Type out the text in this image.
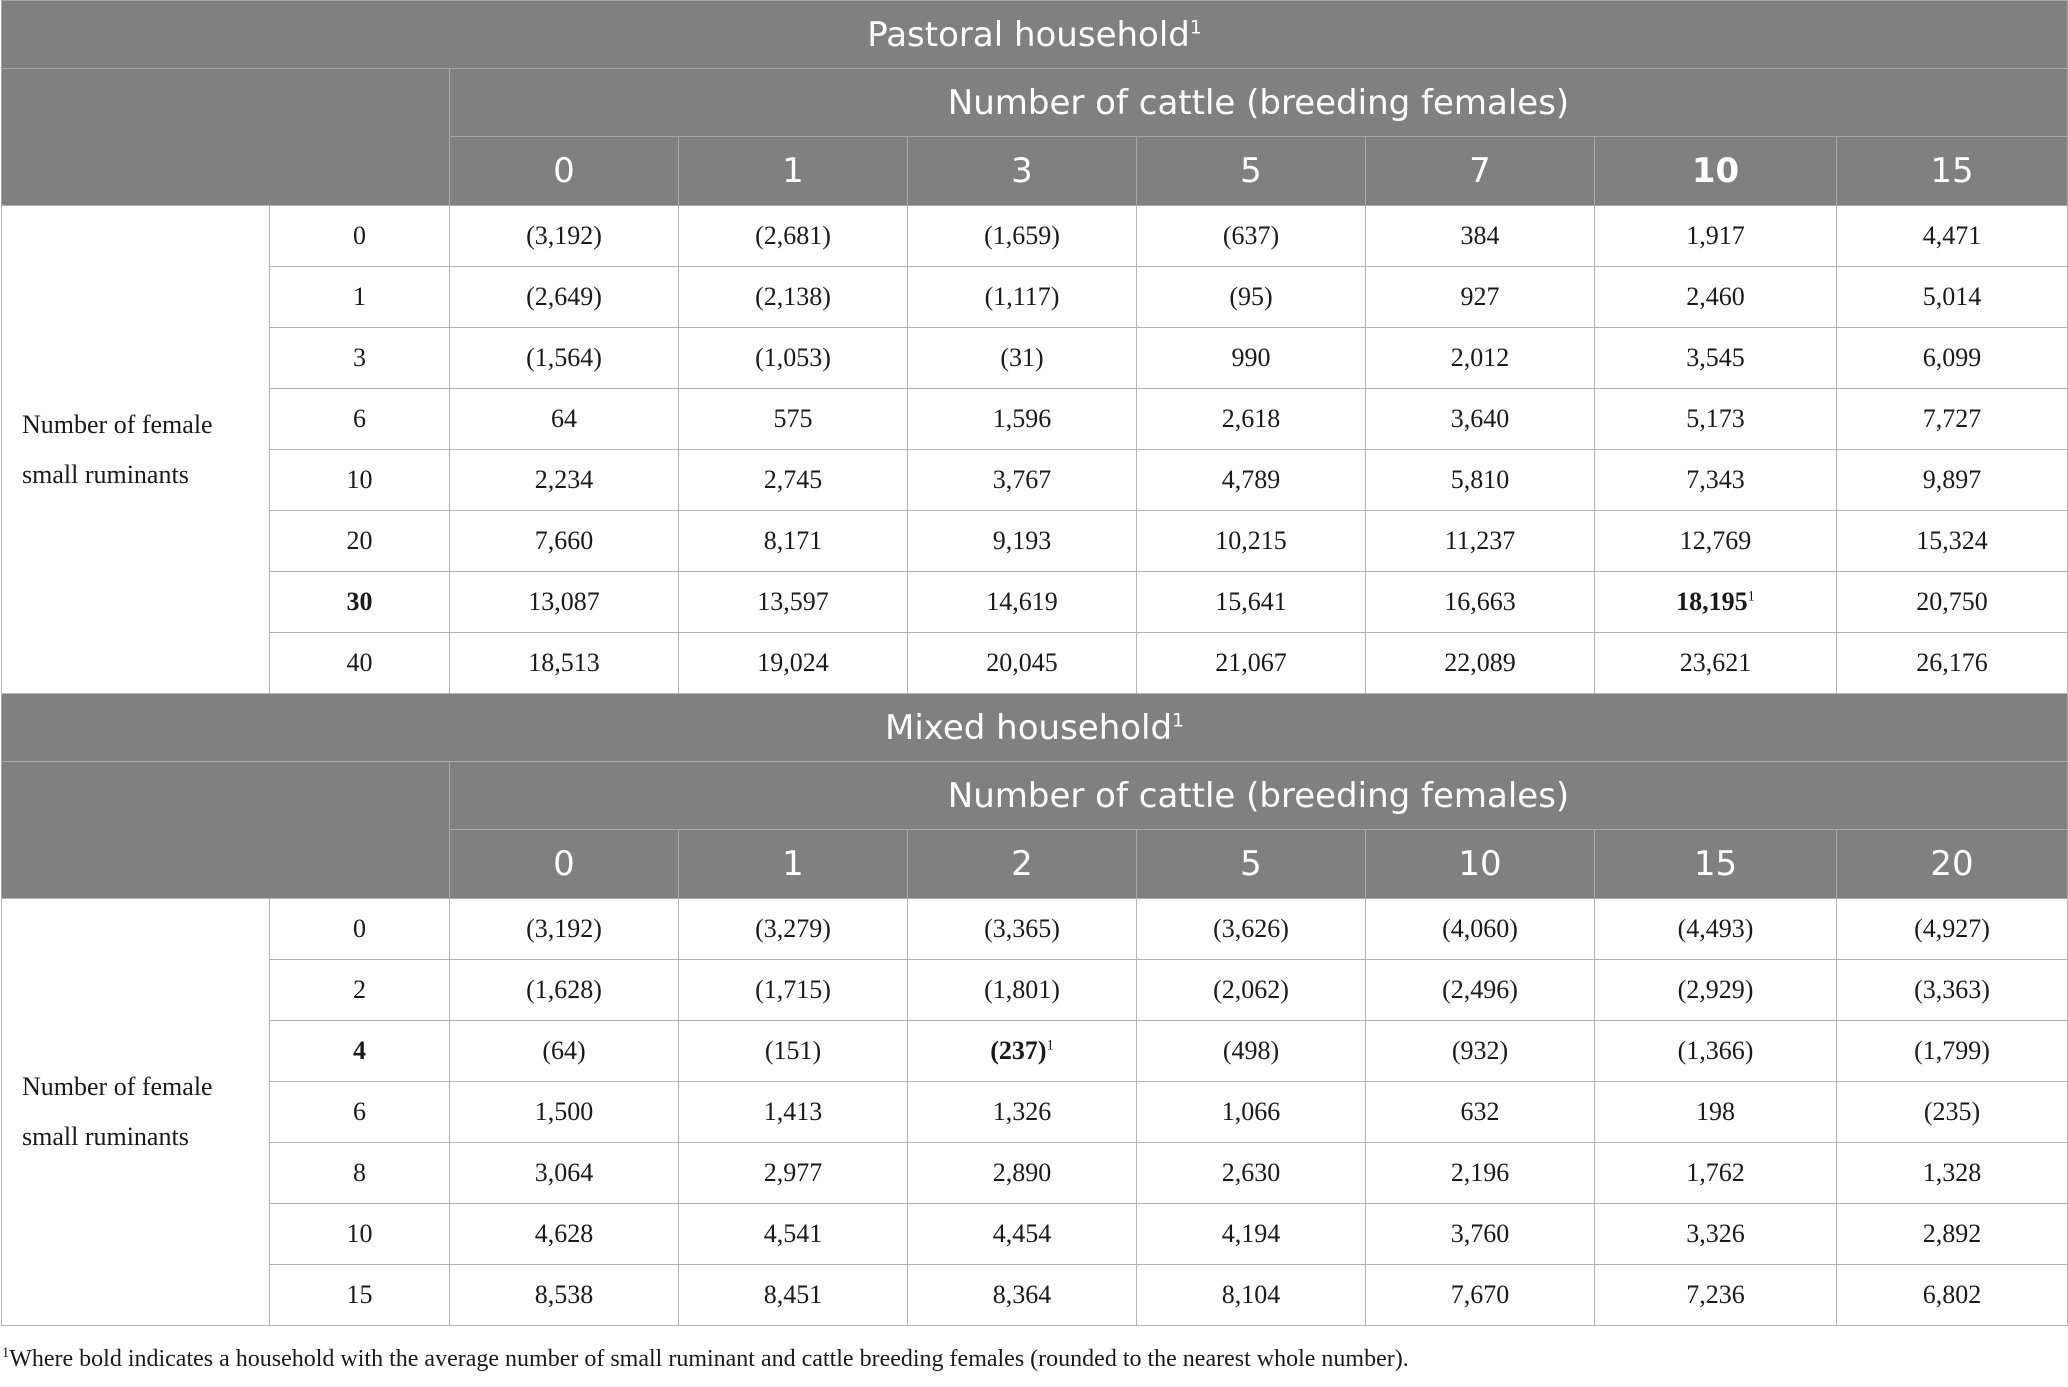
Pastoral household$^1$
		Number of cattle (breeding females)						
		0	1	3	5	7	10	15
Number of female
small ruminants	0	(3,192)	(2,681)	(1,659)	(637)	384	1,917	4,471
	1	(2,649)	(2,138)	(1,117)	(95)	927	2,460	5,014
	3	(1,564)	(1,053)	(31)	990	2,012	3,545	6,099
	6	64	575	1,596	2,618	3,640	5,173	7,727
	10	2,234	2,745	3,767	4,789	5,810	7,343	9,897
	20	7,660	8,171	9,193	10,215	11,237	12,769	15,324
	30	13,087	13,597	14,619	15,641	16,663	18,195$^1$	20,750
	40	18,513	19,024	20,045	21,067	22,089	23,621	26,176
Mixed household$^1$
		Number of cattle (breeding females)						
		0	1	2	5	10	15	20
Number of female
small ruminants	0	(3,192)	(3,279)	(3,365)	(3,626)	(4,060)	(4,493)	(4,927)
	2	(1,628)	(1,715)	(1,801)	(2,062)	(2,496)	(2,929)	(3,363)
	4	(64)	(151)	$(237)^1$	(498)	(932)	(1,366)	(1,799)
	6	1,500	1,413	1,326	1,066	632	198	(235)
	8	3,064	2,977	2,890	2,630	2,196	1,762	1,328
	10	4,628	4,541	4,454	4,194	3,760	3,326	2,892
	15	8,538	8,451	8,364	8,104	7,670	7,236	6,802
$^1$Where bold indicates a household with the average number of small ruminant and cattle breeding females (rounded to the nearest whole number).
